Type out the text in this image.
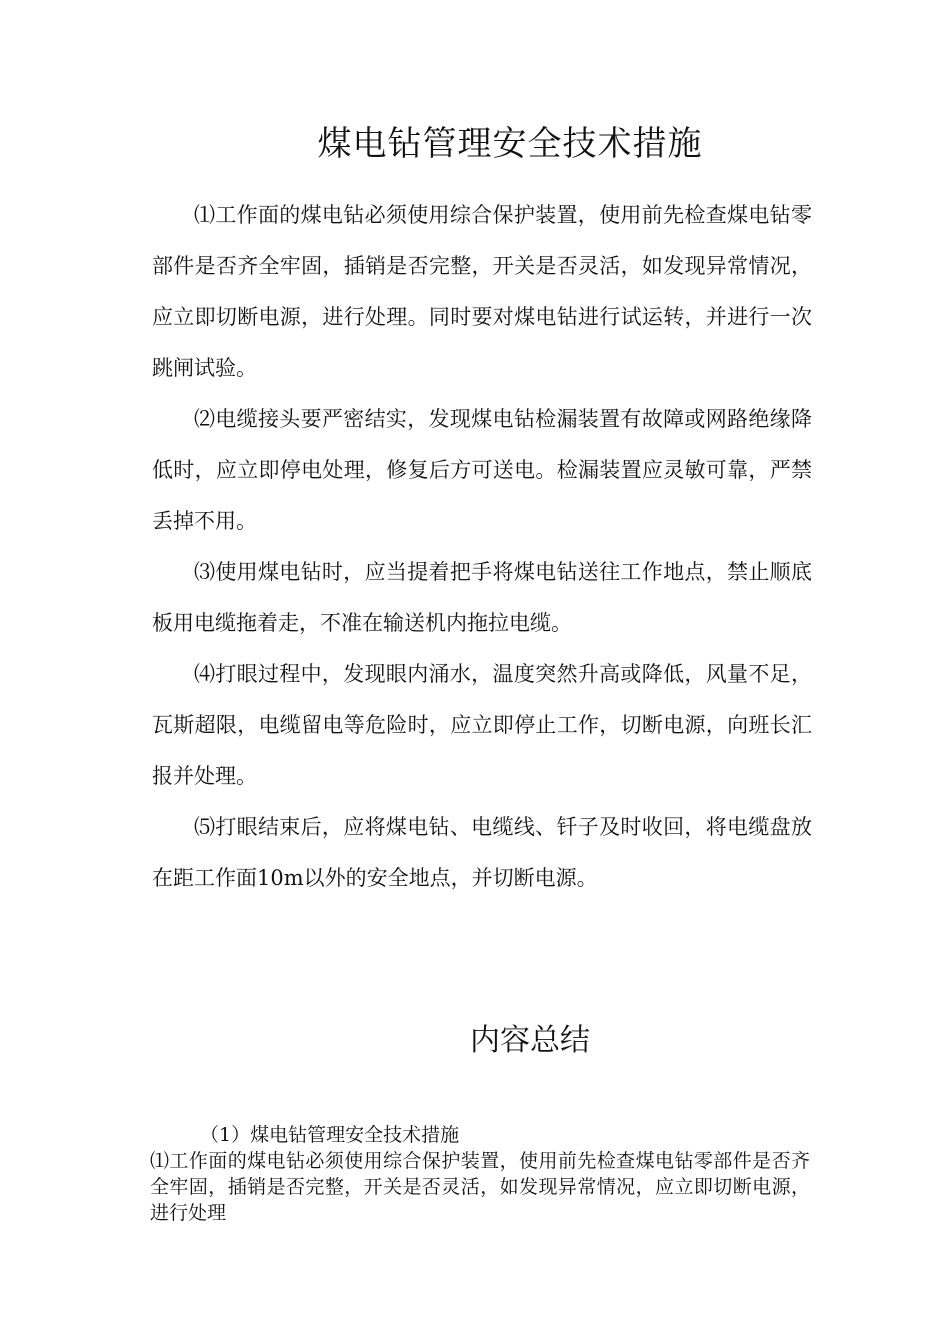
煤电钻管理安全技术措施

⑴工作面的煤电钻必须使用综合保护装置，使用前先检查煤电钻零部件是否齐全牢固，插销是否完整，开关是否灵活，如发现异常情况，应立即切断电源，进行处理。同时要对煤电钻进行试运转，并进行一次跳闸试验。

⑵电缆接头要严密结实，发现煤电钻检漏装置有故障或网路绝缘降低时，应立即停电处理，修复后方可送电。检漏装置应灵敏可靠，严禁丢掉不用。

⑶使用煤电钻时，应当提着把手将煤电钻送往工作地点，禁止顺底板用电缆拖着走，不准在输送机内拖拉电缆。

⑷打眼过程中，发现眼内涌水，温度突然升高或降低，风量不足，瓦斯超限，电缆留电等危险时，应立即停止工作，切断电源，向班长汇报并处理。

⑸打眼结束后，应将煤电钻、电缆线、钎子及时收回，将电缆盘放在距工作面10m以外的安全地点，并切断电源。

内容总结

（1）煤电钻管理安全技术措施

⑴工作面的煤电钻必须使用综合保护装置，使用前先检查煤电钻零部件是否齐全牢固，插销是否完整，开关是否灵活，如发现异常情况，应立即切断电源，进行处理
